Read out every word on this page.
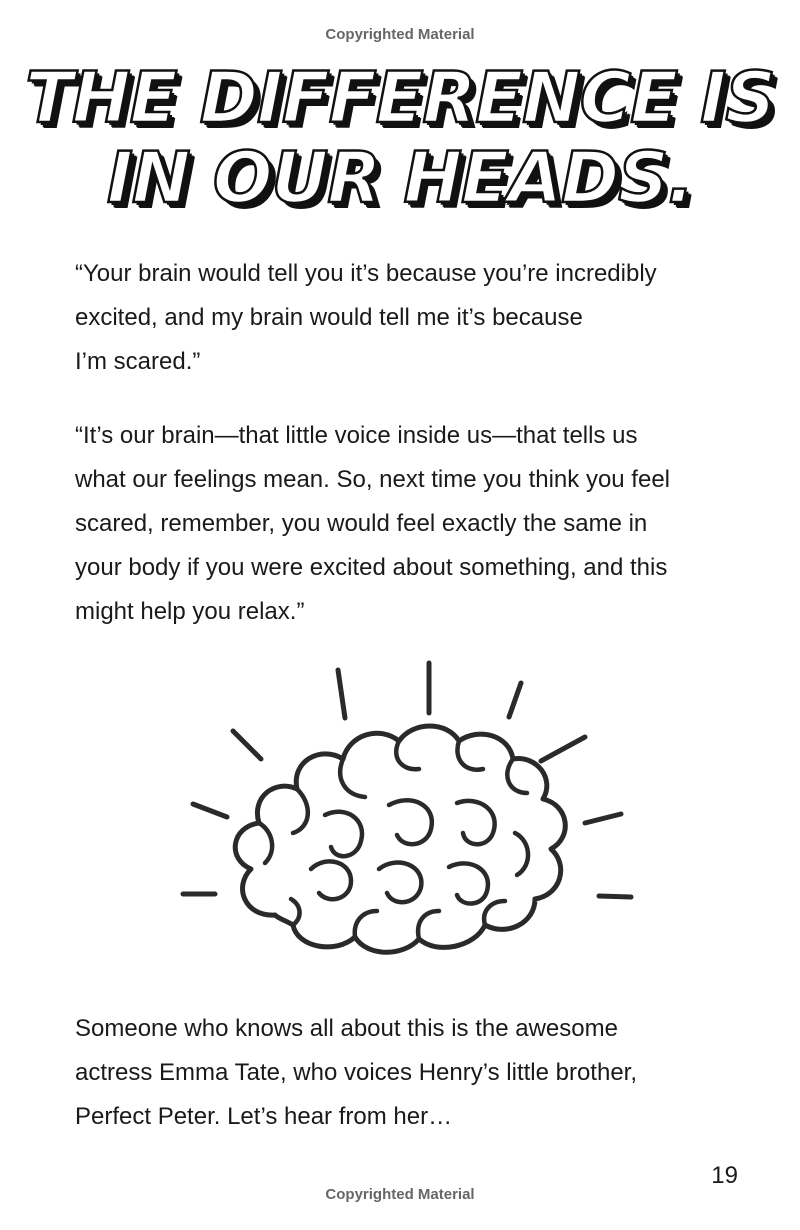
Copyrighted Material
THE DIFFERENCE IS
IN OUR HEADS.

“Your brain would tell you it’s because you’re incredibly
excited, and my brain would tell me it’s because
I’m scared.”

“It’s our brain—that little voice inside us—that tells us
what our feelings mean. So, next time you think you feel
scared, remember, you would feel exactly the same in
your body if you were excited about something, and this
might help you relax.”

Someone who knows all about this is the awesome
actress Emma Tate, who voices Henry’s little brother,
Perfect Peter. Let’s hear from her…

19
Copyrighted Material
